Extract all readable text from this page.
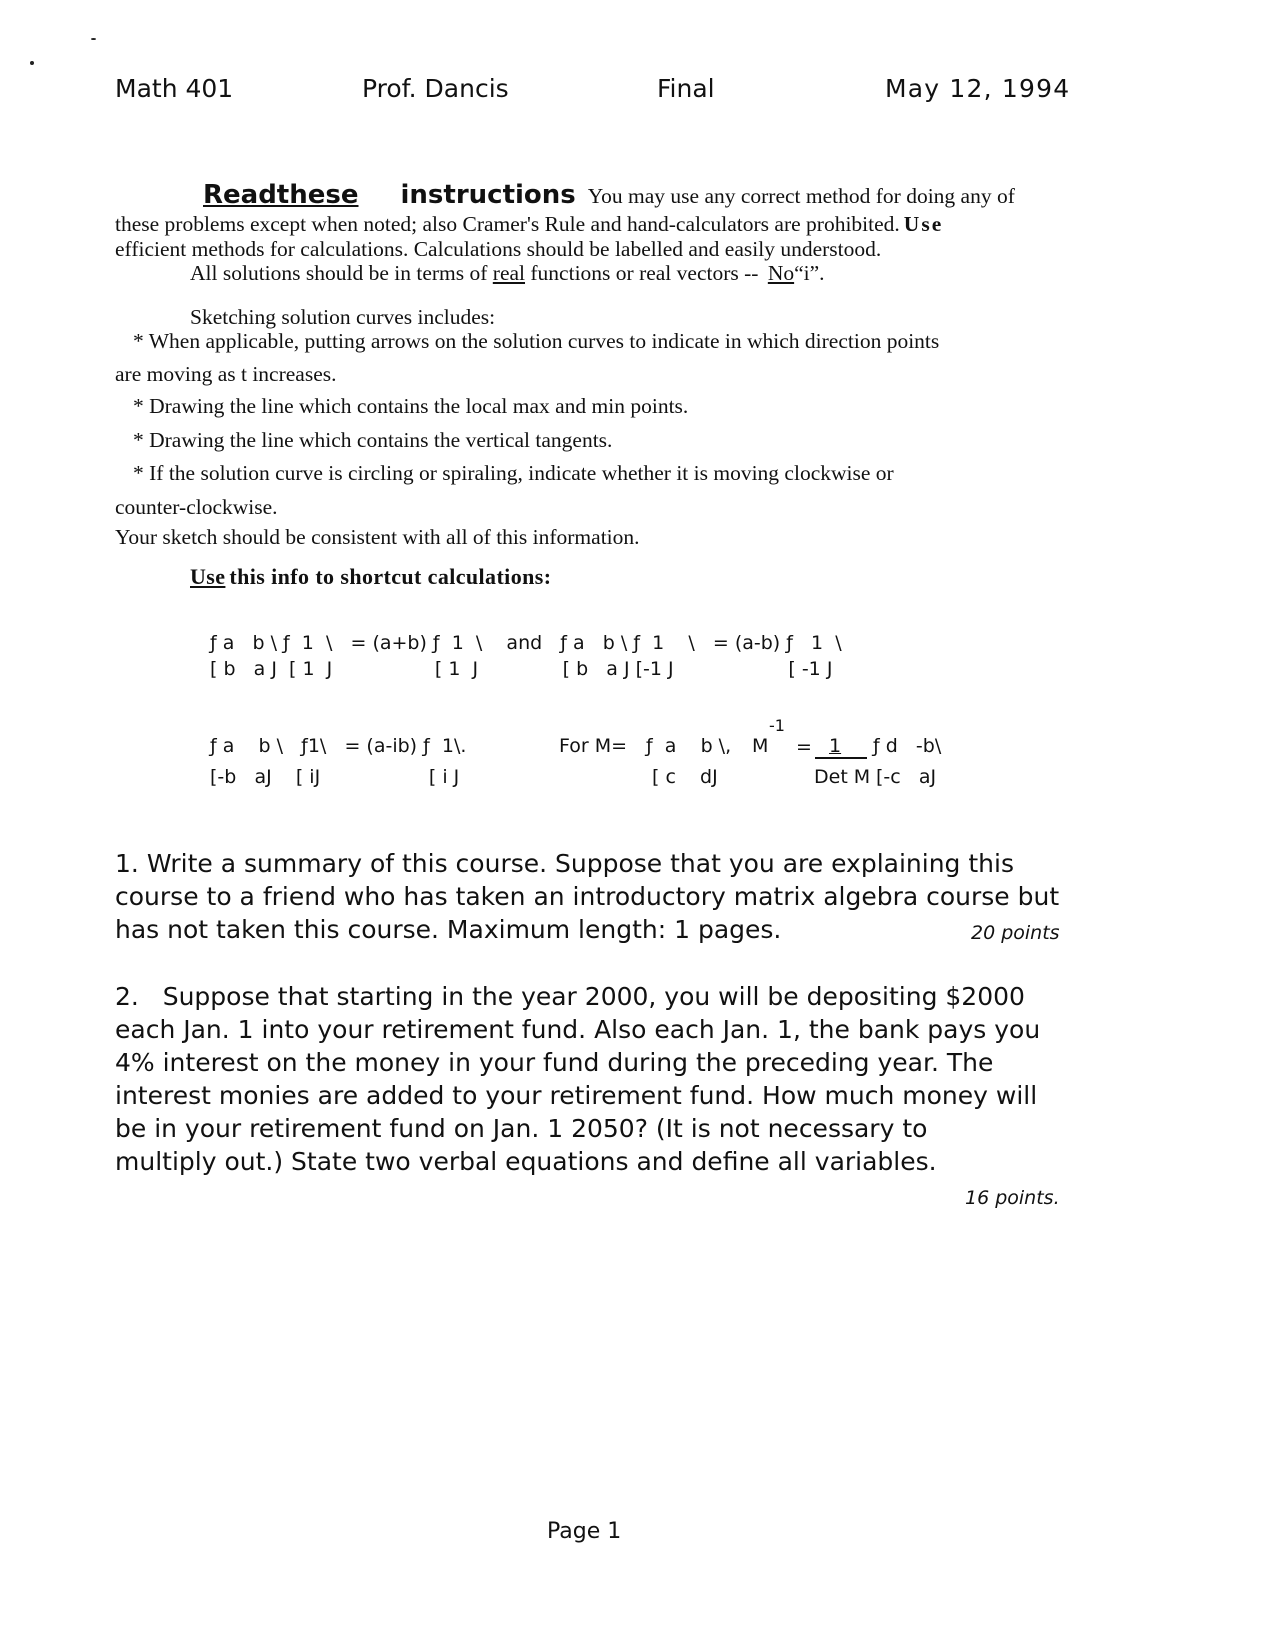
Math 401	Prof. Dancis	Final	May 12, 1994
Readthese instructions You may use any correct method for doing any of
these problems except when noted; also Cramer's Rule and hand-calculators are prohibited. Use
efficient methods for calculations. Calculations should be labelled and easily understood.
All solutions should be in terms of real functions or real vectors -- No“i”.
Sketching solution curves includes:
* When applicable, putting arrows on the solution curves to indicate in which direction points
are moving as t increases.
* Drawing the line which contains the local max and min points.
* Drawing the line which contains the vertical tangents.
* If the solution curve is circling or spiraling, indicate whether it is moving clockwise or
counter-clockwise.
Your sketch should be consistent with all of this information.
Use this info to shortcut calculations:
ƒ a   b \ ƒ  1  \   = (a+b) ƒ  1  \    and   ƒ a   b \ ƒ  1    \   = (a-b) ƒ   1  \
[ b   a J  [ 1  J                 [ 1  J              [ b   a J [-1 J                   [ -1 J
ƒ a    b \   ƒ1\   = (a-ib) ƒ  1\.
[-b   aJ    [ iJ                  [ i J
For M= ƒ  a    b \,
[ c    dJ
M
-1
= 1 ƒ d   -b\
Det M [-c   aJ

1. Write a summary of this course. Suppose that you are explaining this

course to a friend who has taken an introductory matrix algebra course but

has not taken this course. Maximum length: 1 pages.	20 points

2. Suppose that starting in the year 2000, you will be depositing $2000

each Jan. 1 into your retirement fund. Also each Jan. 1, the bank pays you

4% interest on the money in your fund during the preceding year. The

interest monies are added to your retirement fund. How much money will

be in your retirement fund on Jan. 1 2050? (It is not necessary to

multiply out.) State two verbal equations and define all variables.

16 points.
Page 1
